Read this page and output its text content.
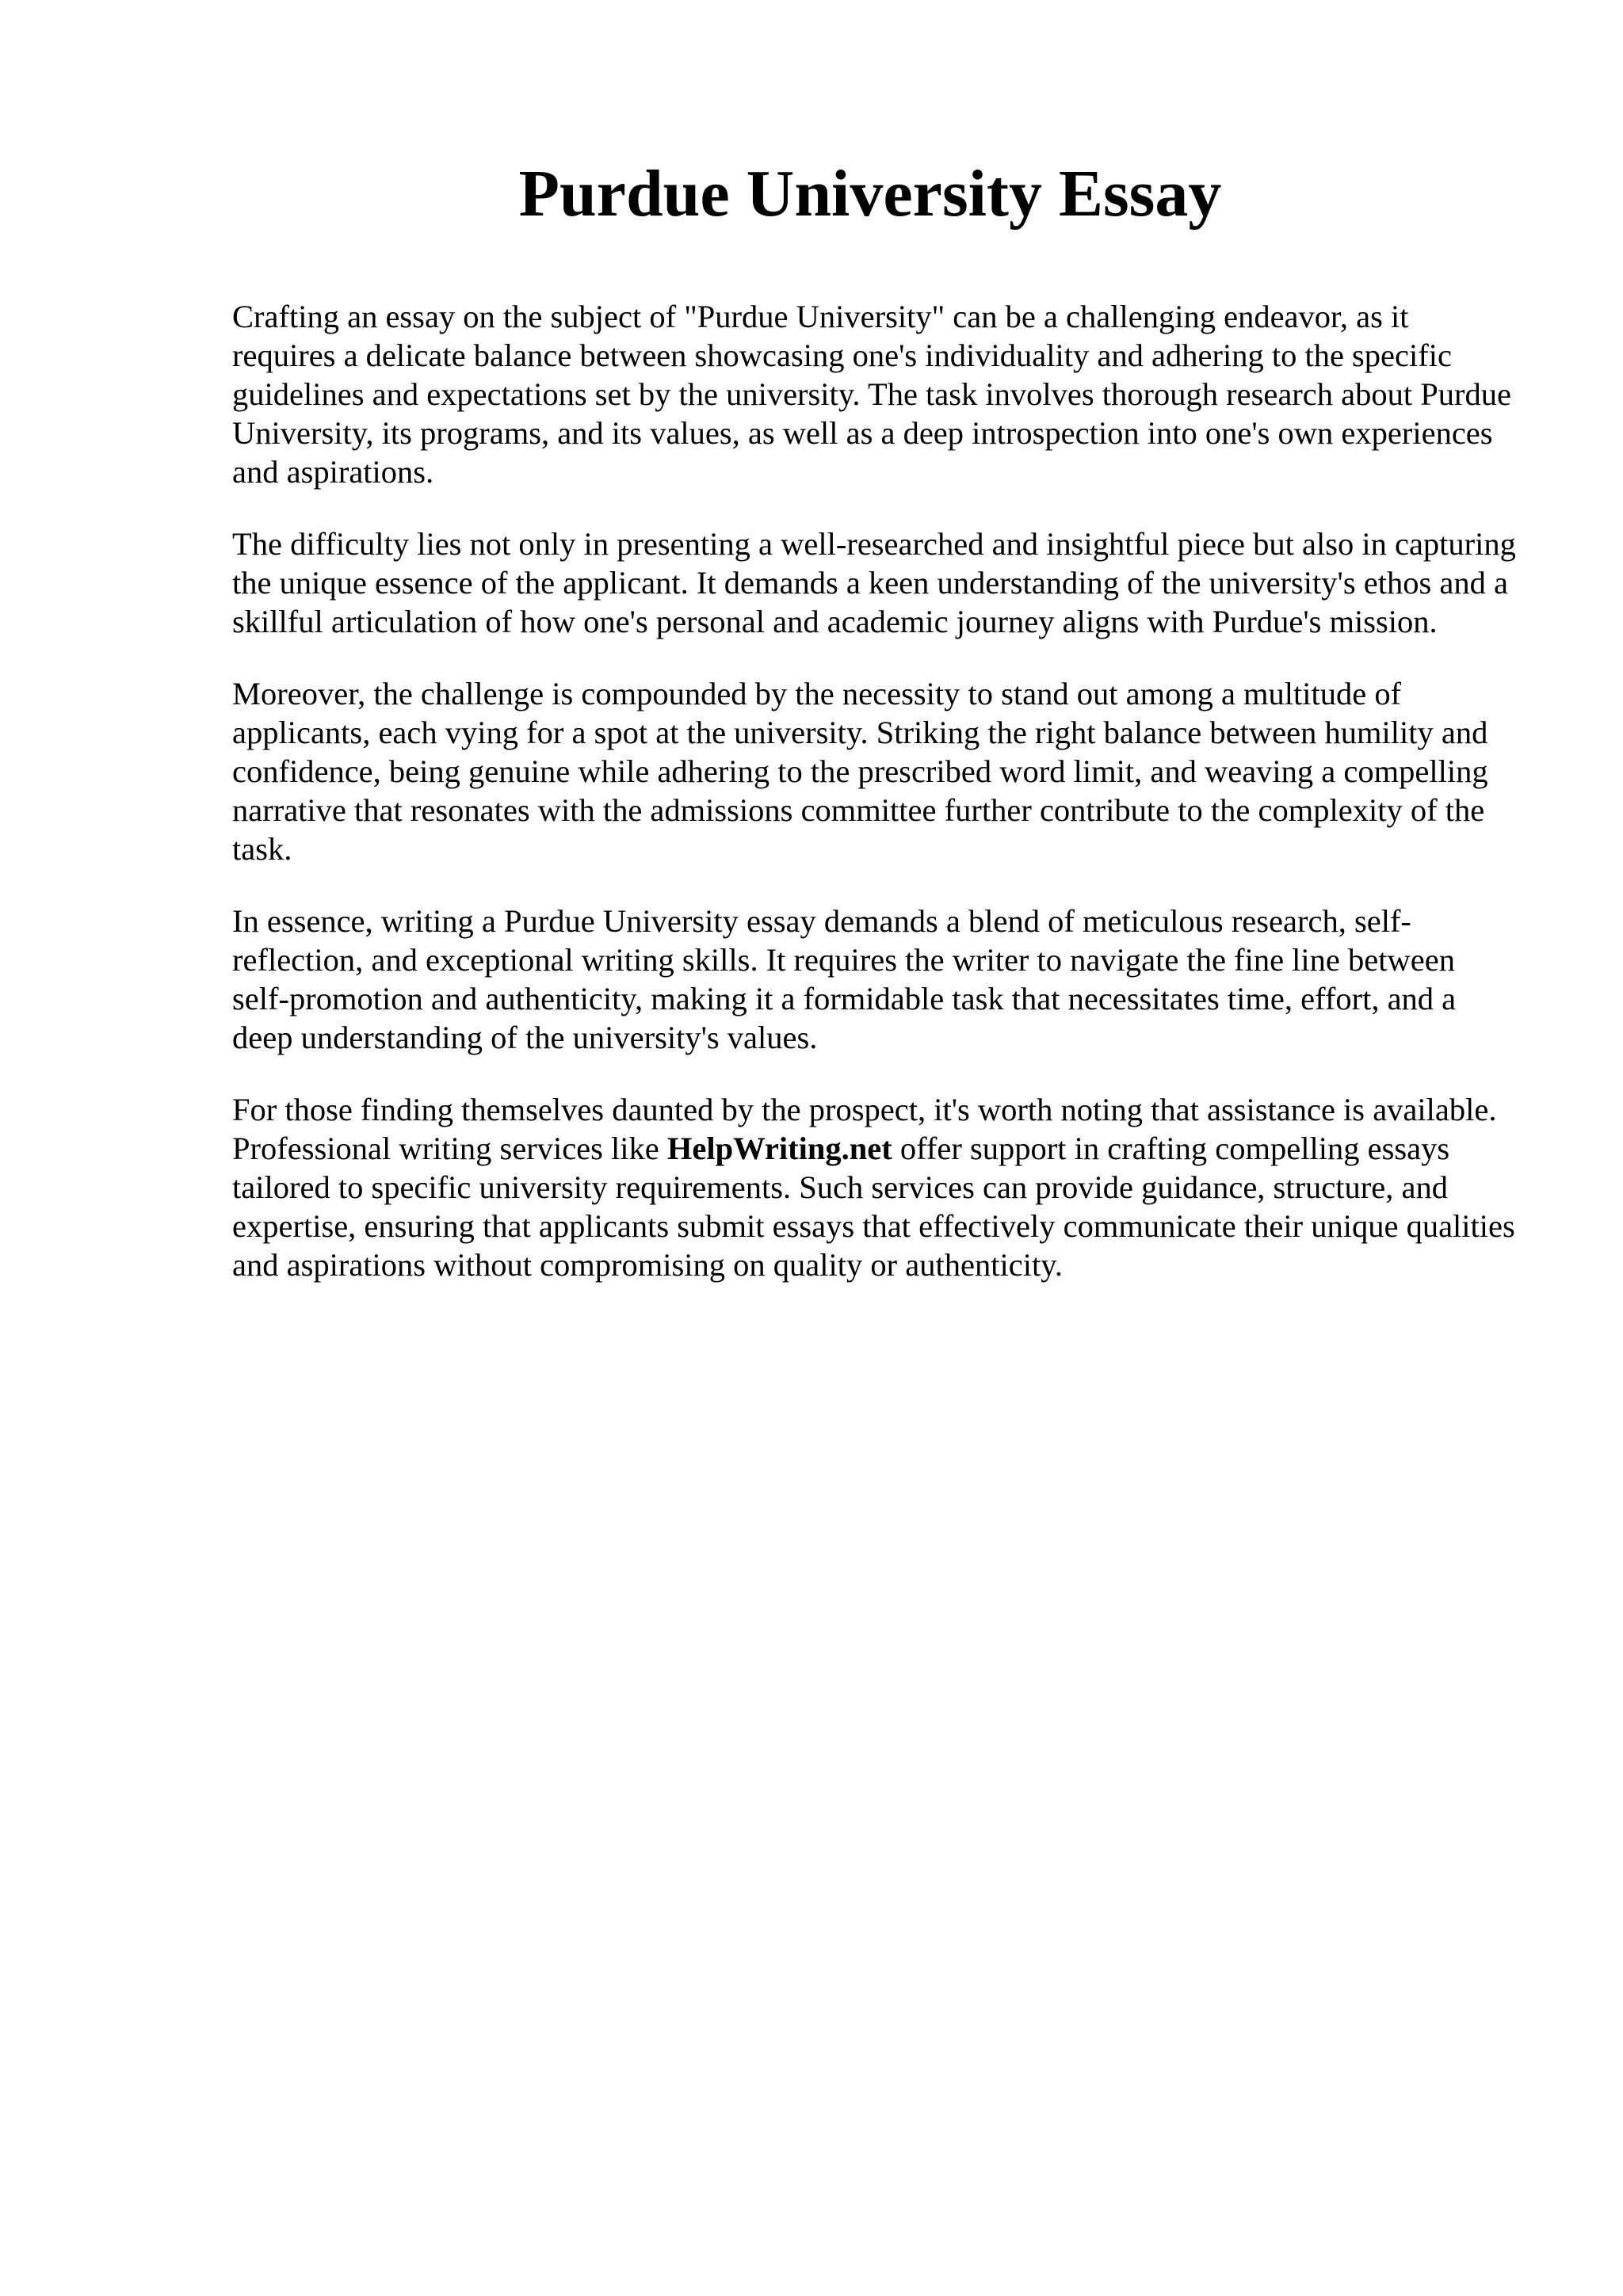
Purdue University Essay

Crafting an essay on the subject of "Purdue University" can be a challenging endeavor, as it requires a delicate balance between showcasing one's individuality and adhering to the specific guidelines and expectations set by the university. The task involves thorough research about Purdue University, its programs, and its values, as well as a deep introspection into one's own experiences and aspirations.

The difficulty lies not only in presenting a well-researched and insightful piece but also in capturing the unique essence of the applicant. It demands a keen understanding of the university's ethos and a skillful articulation of how one's personal and academic journey aligns with Purdue's mission.

Moreover, the challenge is compounded by the necessity to stand out among a multitude of applicants, each vying for a spot at the university. Striking the right balance between humility and confidence, being genuine while adhering to the prescribed word limit, and weaving a compelling narrative that resonates with the admissions committee further contribute to the complexity of the task.

In essence, writing a Purdue University essay demands a blend of meticulous research, self-reflection, and exceptional writing skills. It requires the writer to navigate the fine line between self-promotion and authenticity, making it a formidable task that necessitates time, effort, and a deep understanding of the university's values.

For those finding themselves daunted by the prospect, it's worth noting that assistance is available. Professional writing services like HelpWriting.net offer support in crafting compelling essays tailored to specific university requirements. Such services can provide guidance, structure, and expertise, ensuring that applicants submit essays that effectively communicate their unique qualities and aspirations without compromising on quality or authenticity.
